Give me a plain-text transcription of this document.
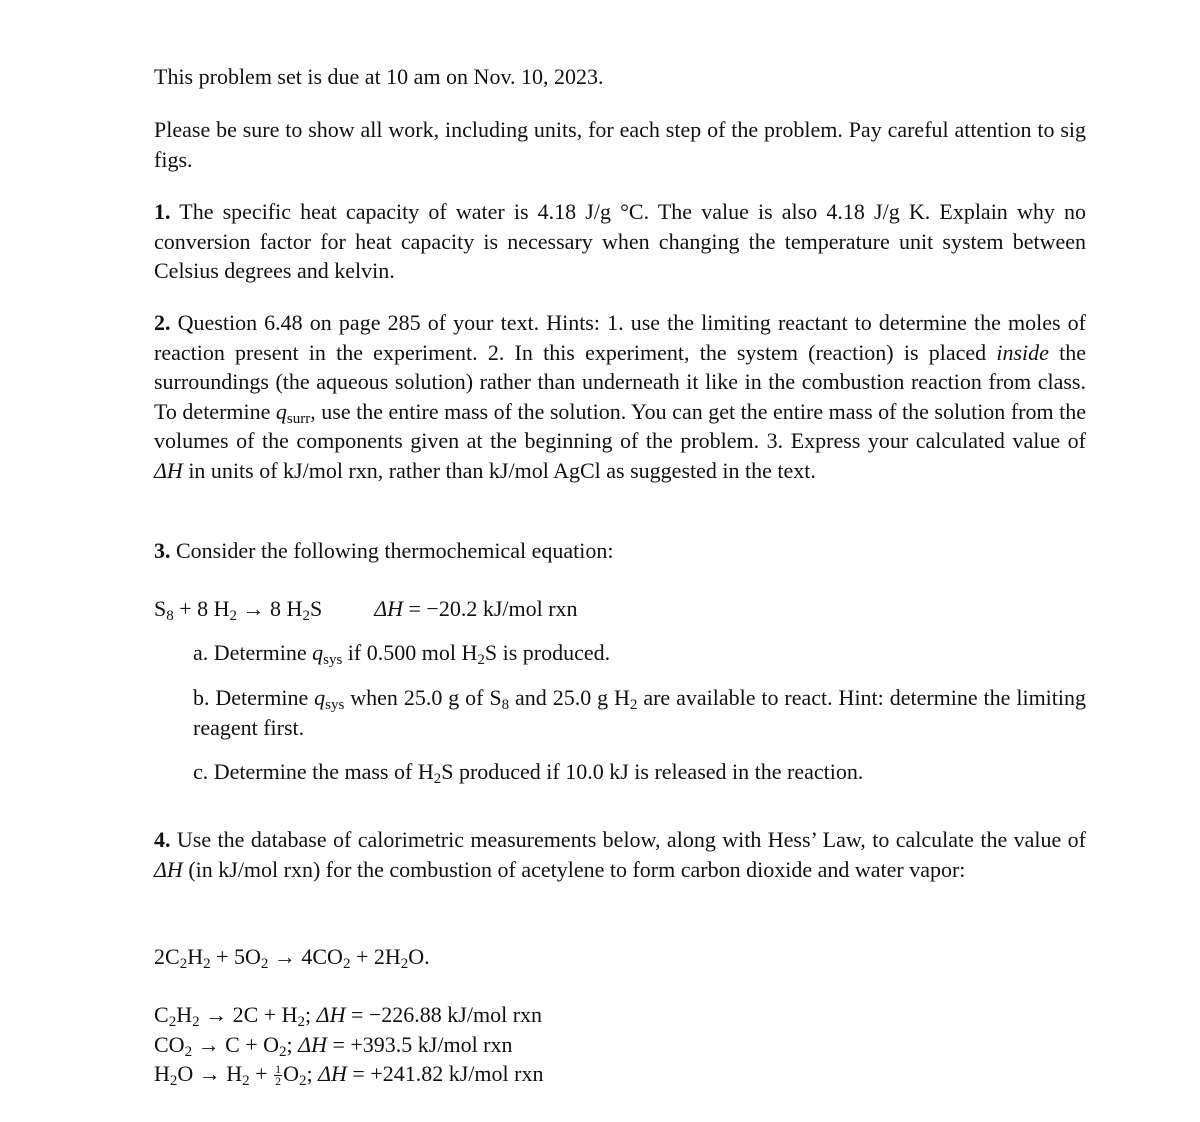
This problem set is due at 10 am on Nov. 10, 2023.

Please be sure to show all work, including units, for each step of the problem. Pay careful attention to sig figs.

1. The specific heat capacity of water is 4.18 J/g °C. The value is also 4.18 J/g K. Explain why no conversion factor for heat capacity is necessary when changing the temperature unit system between Celsius degrees and kelvin.

2. Question 6.48 on page 285 of your text. Hints: 1. use the limiting reactant to determine the moles of reaction present in the experiment. 2. In this experiment, the system (reaction) is placed inside the surroundings (the aqueous solution) rather than underneath it like in the combustion reaction from class. To determine qsurr, use the entire mass of the solution. You can get the entire mass of the solution from the volumes of the components given at the beginning of the problem. 3. Express your calculated value of ΔH in units of kJ/mol rxn, rather than kJ/mol AgCl as suggested in the text.

3. Consider the following thermochemical equation:

$S_8 + 8$ $H_2 \to 8$ $H_2S$ ΔH = −20.2 kJ/mol rxn

a. Determine qsys if 0.500 mol $H_2S$ is produced.

b. Determine qsys when 25.0 g of $S_8$ and 25.0 g $H_2$ are available to react. Hint: determine the limiting reagent first.

c. Determine the mass of $H_2S$ produced if 10.0 kJ is released in the reaction.

4. Use the database of calorimetric measurements below, along with Hess’ Law, to calculate the value of ΔH (in kJ/mol rxn) for the combustion of acetylene to form carbon dioxide and water vapor:

$2C_2H_2 + 5O_2 \to 4CO_2 + 2H_2O$.
$C_2H_2 \to 2C + H_2$; ΔH = −226.88 kJ/mol rxn
$CO_2 \to C + O_2$; ΔH = +393.5 kJ/mol rxn
$H_2O \to H_2 + \frac{1}{2} O_2$; ΔH = +241.82 kJ/mol rxn
